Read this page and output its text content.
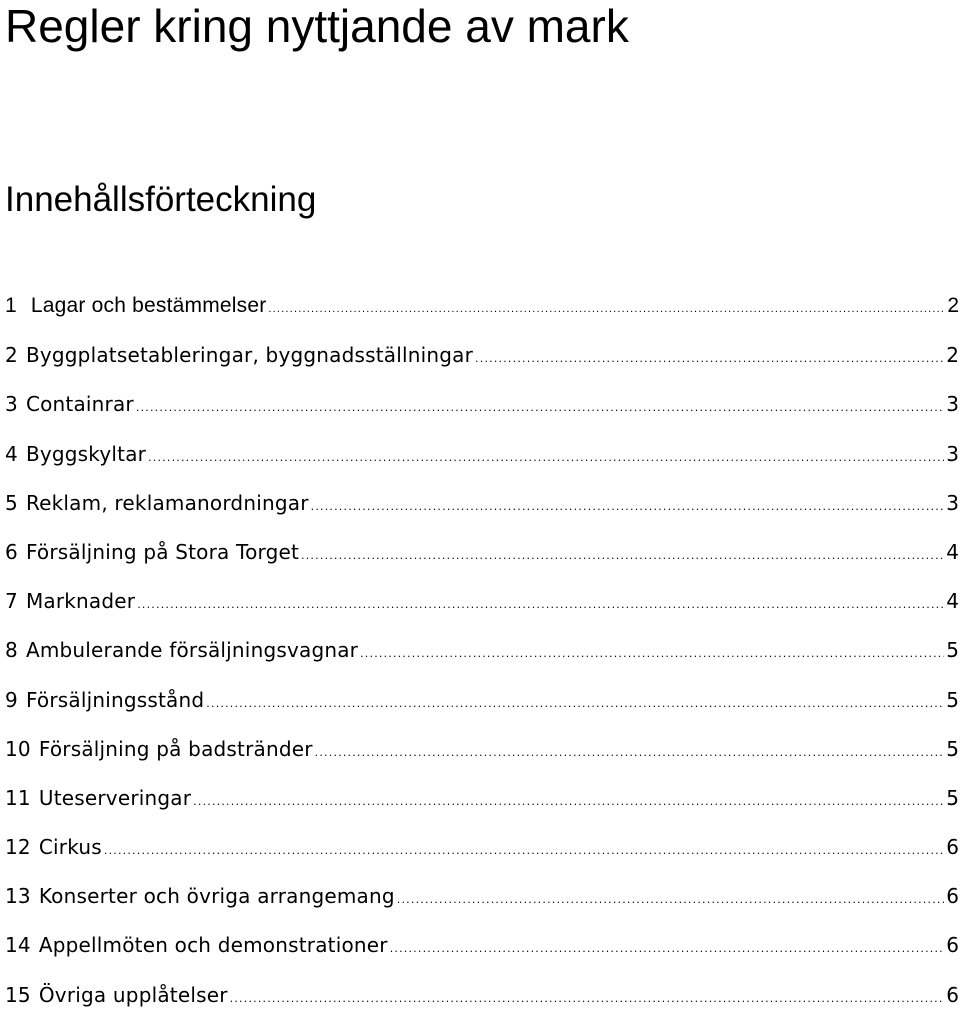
Regler kring nyttjande av mark
Innehållsförteckning
1 Lagar och bestämmelser .....	2
2 Byggplatsetableringar, byggnadsställningar .....	2
3 Containrar .....	3
4 Byggskyltar .....	3
5 Reklam, reklamanordningar .....	3
6 Försäljning på Stora Torget .....	4
7 Marknader .....	4
8 Ambulerande försäljningsvagnar .....	5
9 Försäljningsstånd .....	5
10 Försäljning på badstränder .....	5
11 Uteserveringar .....	5
12 Cirkus .....	6
13 Konserter och övriga arrangemang .....	6
14 Appellmöten och demonstrationer .....	6
15 Övriga upplåtelser .....	6
